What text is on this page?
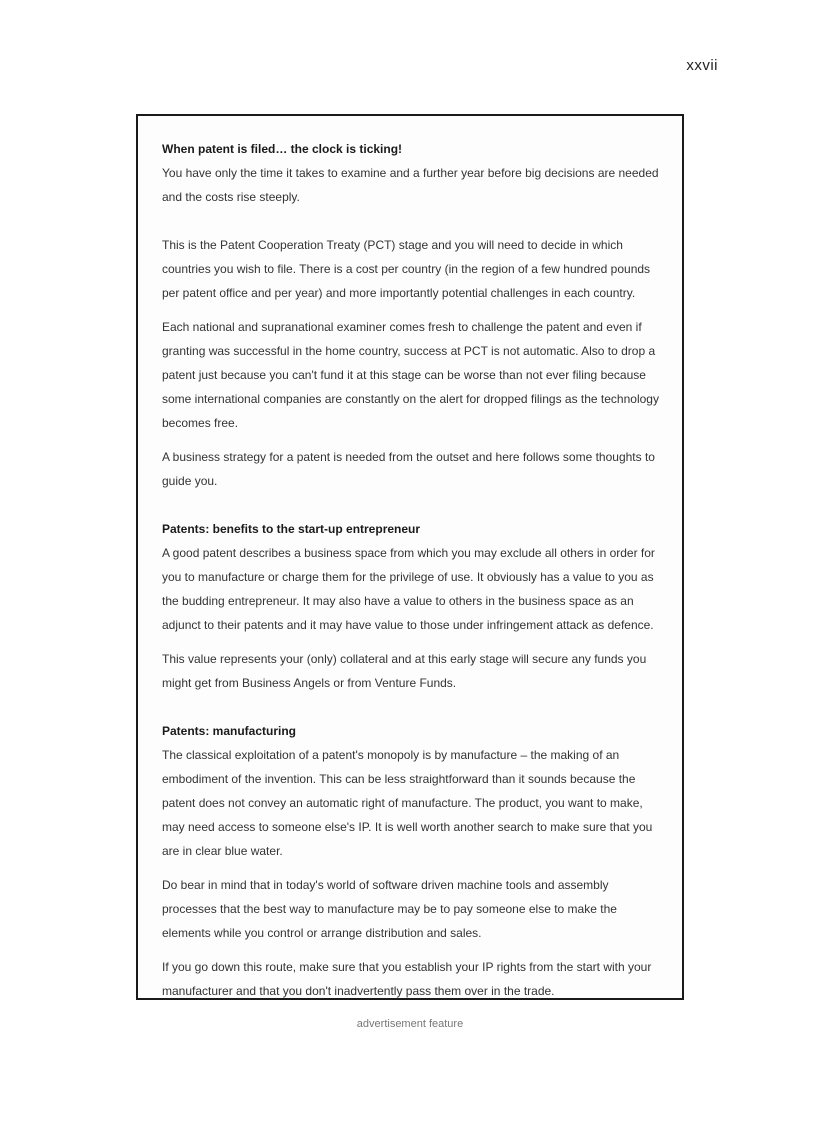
xxvii

When patent is filed… the clock is ticking!

You have only the time it takes to examine and a further year before big decisions are needed and the costs rise steeply.

This is the Patent Cooperation Treaty (PCT) stage and you will need to decide in which countries you wish to file. There is a cost per country (in the region of a few hundred pounds per patent office and per year) and more importantly potential challenges in each country.

Each national and supranational examiner comes fresh to challenge the patent and even if granting was successful in the home country, success at PCT is not automatic. Also to drop a patent just because you can't fund it at this stage can be worse than not ever filing because some international companies are constantly on the alert for dropped filings as the technology becomes free.

A business strategy for a patent is needed from the outset and here follows some thoughts to guide you.

Patents: benefits to the start-up entrepreneur

A good patent describes a business space from which you may exclude all others in order for you to manufacture or charge them for the privilege of use. It obviously has a value to you as the budding entrepreneur. It may also have a value to others in the business space as an adjunct to their patents and it may have value to those under infringement attack as defence.

This value represents your (only) collateral and at this early stage will secure any funds you might get from Business Angels or from Venture Funds.

Patents: manufacturing

The classical exploitation of a patent's monopoly is by manufacture – the making of an embodiment of the invention. This can be less straightforward than it sounds because the patent does not convey an automatic right of manufacture. The product, you want to make, may need access to someone else's IP. It is well worth another search to make sure that you are in clear blue water.

Do bear in mind that in today's world of software driven machine tools and assembly processes that the best way to manufacture may be to pay someone else to make the elements while you control or arrange distribution and sales.

If you go down this route, make sure that you establish your IP rights from the start with your manufacturer and that you don't inadvertently pass them over in the trade.

advertisement feature
